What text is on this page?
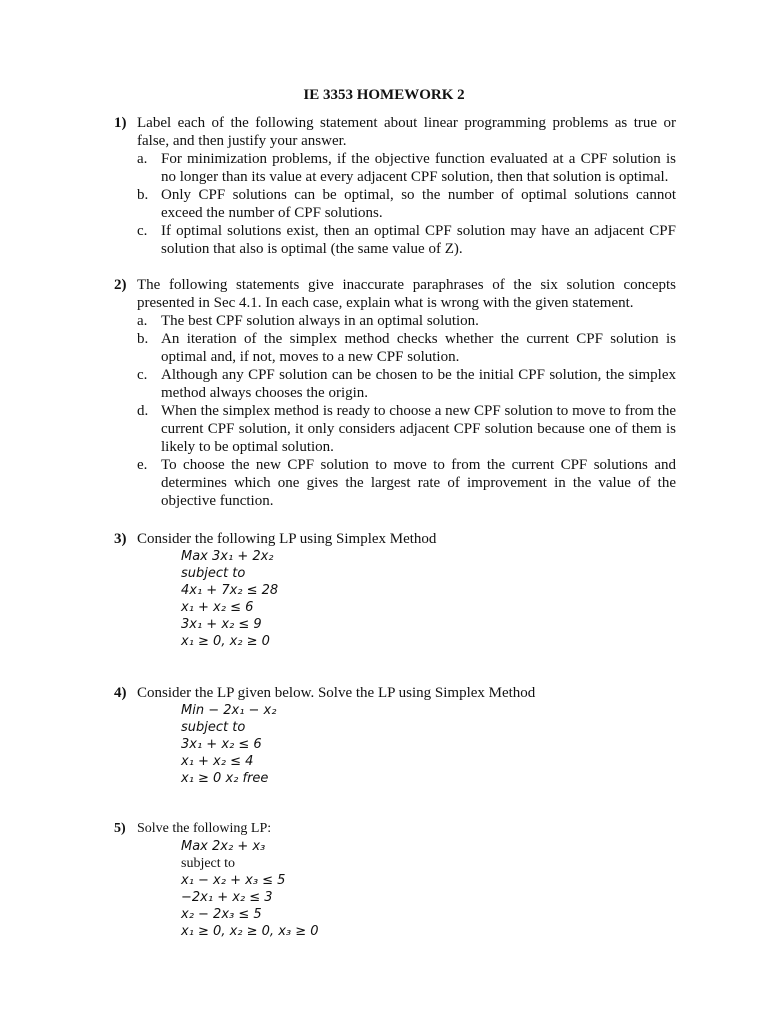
IE 3353 HOMEWORK 2
1) Label each of the following statement about linear programming problems as true or false, and then justify your answer.
a. For minimization problems, if the objective function evaluated at a CPF solution is no longer than its value at every adjacent CPF solution, then that solution is optimal.
b. Only CPF solutions can be optimal, so the number of optimal solutions cannot exceed the number of CPF solutions.
c. If optimal solutions exist, then an optimal CPF solution may have an adjacent CPF solution that also is optimal (the same value of Z).
2) The following statements give inaccurate paraphrases of the six solution concepts presented in Sec 4.1. In each case, explain what is wrong with the given statement.
a. The best CPF solution always in an optimal solution.
b. An iteration of the simplex method checks whether the current CPF solution is optimal and, if not, moves to a new CPF solution.
c. Although any CPF solution can be chosen to be the initial CPF solution, the simplex method always chooses the origin.
d. When the simplex method is ready to choose a new CPF solution to move to from the current CPF solution, it only considers adjacent CPF solution because one of them is likely to be optimal solution.
e. To choose the new CPF solution to move to from the current CPF solutions and determines which one gives the largest rate of improvement in the value of the objective function.
3) Consider the following LP using Simplex Method
Max 3x₁ + 2x₂
subject to
4x₁ + 7x₂ ≤ 28
x₁ + x₂ ≤ 6
3x₁ + x₂ ≤ 9
x₁ ≥ 0, x₂ ≥ 0
4) Consider the LP given below. Solve the LP using Simplex Method
Min − 2x₁ − x₂
subject to
3x₁ + x₂ ≤ 6
x₁ + x₂ ≤ 4
x₁ ≥ 0 x₂ free
5) Solve the following LP:
Max 2x₂ + x₃
subject to
x₁ − x₂ + x₃ ≤ 5
−2x₁ + x₂ ≤ 3
x₂ − 2x₃ ≤ 5
x₁ ≥ 0, x₂ ≥ 0, x₃ ≥ 0
